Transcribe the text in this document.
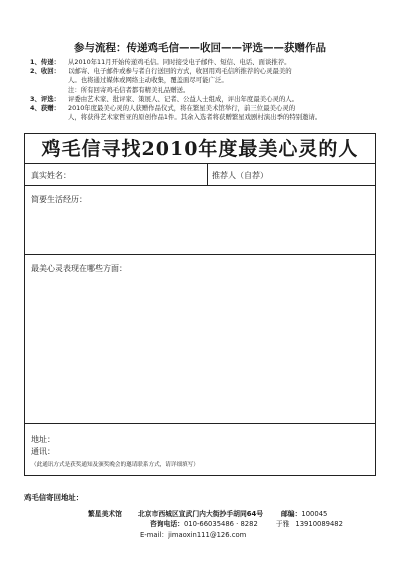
参与流程：传递鸡毛信——收回——评选——获赠作品
1、传递：	从2010年11月开始传递鸡毛信。同时接受电子邮件、短信、电话、面谈推荐。
2、收回：	以邮寄、电子邮件或参与者自行送回的方式，收回用鸡毛信所推荐的心灵最美的
人。也将通过媒体或网络主动收集，覆盖面尽可能广泛。
注：所有回寄鸡毛信者都有精美礼品赠送。
3、评选：	评委由艺术家、批评家、策展人、记者、公益人士组成，评出年度最美心灵的人。
4、获赠：	2010年度最美心灵的人获赠作品仪式，将在繁星美术馆举行，前三位最美心灵的
人，将获得艺术家哲亚的原创作品1件。其余入选者将获赠繁星戏剧村演出季的特别邀请。
鸡毛信寻找2010年度最美心灵的人
真实姓名：	推荐人（自荐）
简要生活经历：
最美心灵表现在哪些方面：
地址：
通讯：
（此通讯方式是获奖通知及颁奖晚会的邀请联系方式，请详细填写）
鸡毛信寄回地址：
繁星美术馆	北京市西城区宣武门内大街抄手胡同64号	邮编： 100045
咨询电话： 010-66035486 · 8282	于雅 13910089482
E-mail： jimaoxin111@126.com
